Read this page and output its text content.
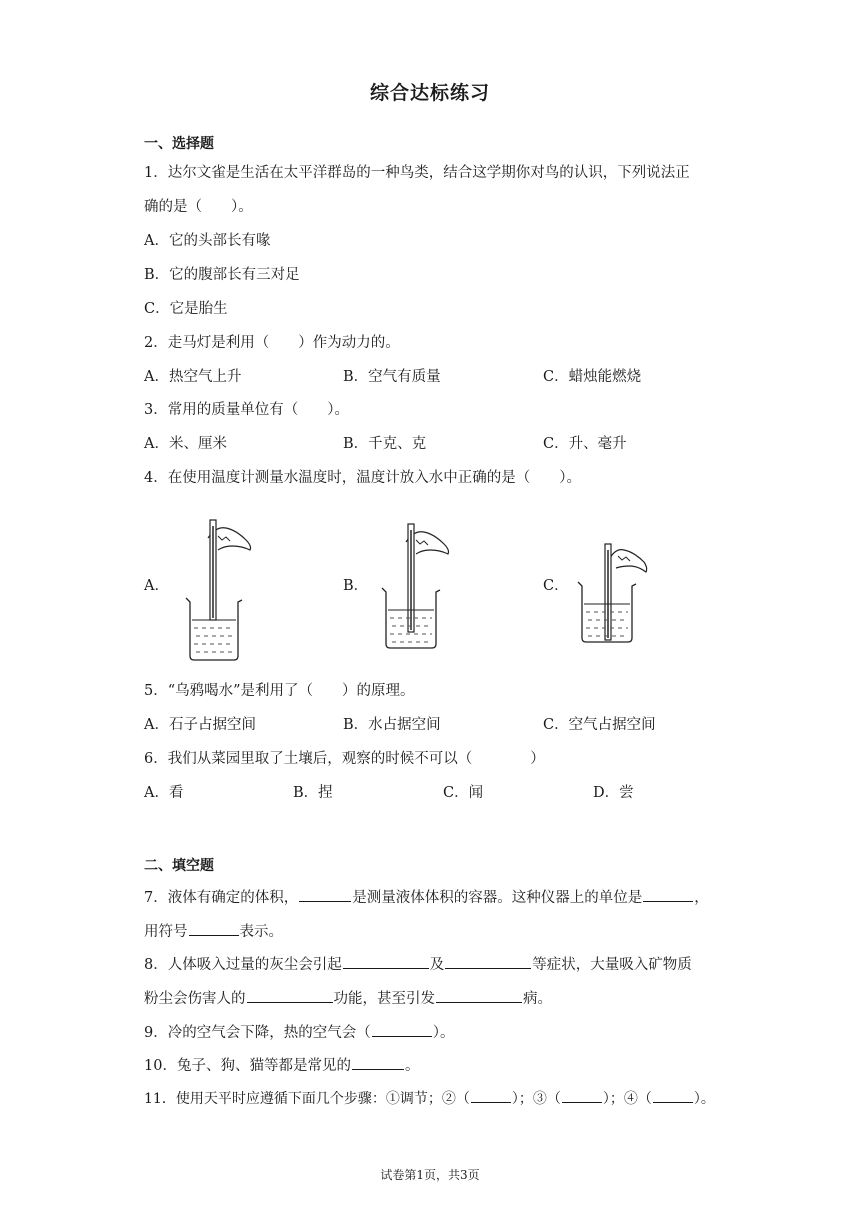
综合达标练习
一、选择题
1．达尔文雀是生活在太平洋群岛的一种鸟类，结合这学期你对鸟的认识，下列说法正
确的是（　　）。
A．它的头部长有喙
B．它的腹部长有三对足
C．它是胎生
2．走马灯是利用（　　）作为动力的。
A．热空气上升	B．空气有质量	C．蜡烛能燃烧
3．常用的质量单位有（　　）。
A．米、厘米	B．千克、克	C．升、毫升
4．在使用温度计测量水温度时，温度计放入水中正确的是（　　）。
A．	B．	C．
5．“乌鸦喝水”是利用了（　　）的原理。
A．石子占据空间	B．水占据空间	C．空气占据空间
6．我们从菜园里取了土壤后，观察的时候不可以（　　　　）
A．看	B．捏	C．闻	D．尝
二、填空题
7．液体有确定的体积，	是测量液体体积的容器。这种仪器上的单位是	，
用符号	表示。
8．人体吸入过量的灰尘会引起	及	等症状，大量吸入矿物质
粉尘会伤害人的	功能，甚至引发	病。
9．冷的空气会下降，热的空气会（	）。
10．兔子、狗、猫等都是常见的	。
11．使用天平时应遵循下面几个步骤：①调节；②（	）；③（	）；④（	）。
试卷第1页，共3页
